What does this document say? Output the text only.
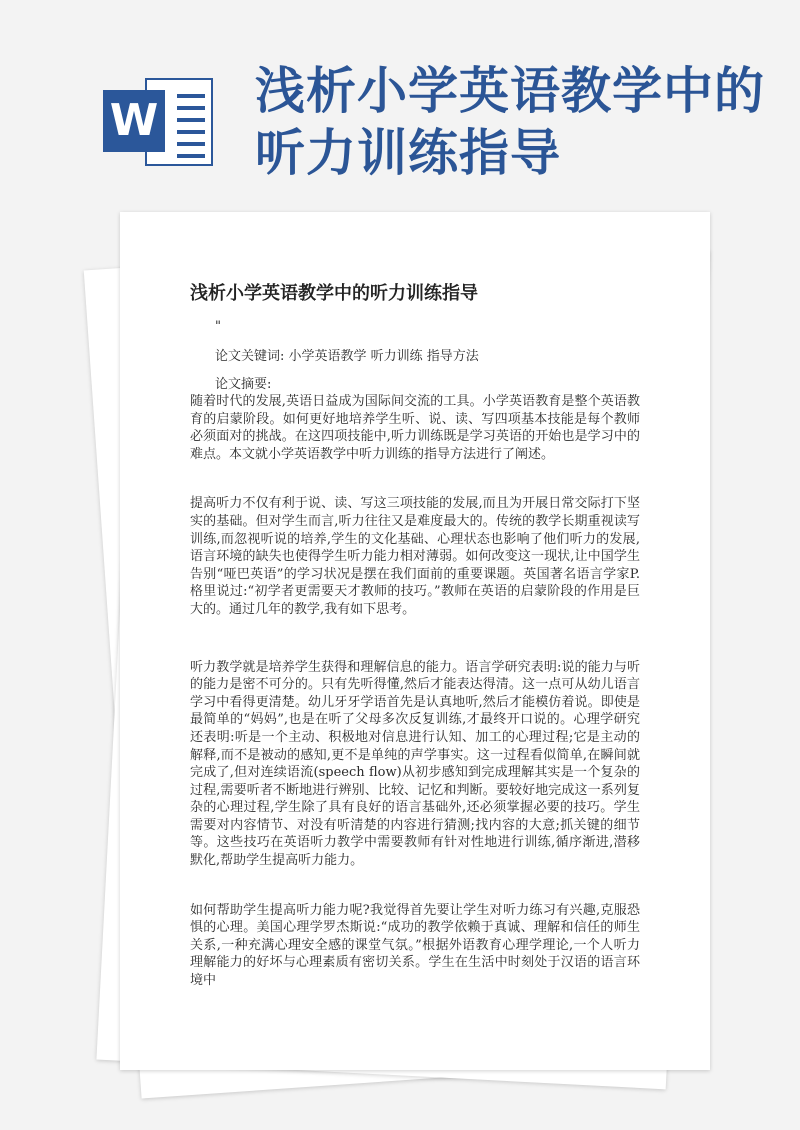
W
浅析小学英语教学中的
听力训练指导
浅析小学英语教学中的听力训练指导
"
论文关键词: 小学英语教学 听力训练 指导方法
论文摘要:

随着时代的发展,英语日益成为国际间交流的工具。小学英语教育是整个英语教育的启蒙阶段。如何更好地培养学生听、说、读、写四项基本技能是每个教师必须面对的挑战。在这四项技能中,听力训练既是学习英语的开始也是学习中的难点。本文就小学英语教学中听力训练的指导方法进行了阐述。

提高听力不仅有利于说、读、写这三项技能的发展,而且为开展日常交际打下坚实的基础。但对学生而言,听力往往又是难度最大的。传统的教学长期重视读写训练,而忽视听说的培养,学生的文化基础、心理状态也影响了他们听力的发展,语言环境的缺失也使得学生听力能力相对薄弱。如何改变这一现状,让中国学生告别“哑巴英语”的学习状况是摆在我们面前的重要课题。英国著名语言学家P.格里说过:“初学者更需要天才教师的技巧。”教师在英语的启蒙阶段的作用是巨大的。通过几年的教学,我有如下思考。

听力教学就是培养学生获得和理解信息的能力。语言学研究表明:说的能力与听的能力是密不可分的。只有先听得懂,然后才能表达得清。这一点可从幼儿语言学习中看得更清楚。幼儿牙牙学语首先是认真地听,然后才能模仿着说。即使是最简单的“妈妈”,也是在听了父母多次反复训练,才最终开口说的。心理学研究还表明:听是一个主动、积极地对信息进行认知、加工的心理过程;它是主动的解释,而不是被动的感知,更不是单纯的声学事实。这一过程看似简单,在瞬间就完成了,但对连续语流(speech flow)从初步感知到完成理解其实是一个复杂的过程,需要听者不断地进行辨别、比较、记忆和判断。要较好地完成这一系列复杂的心理过程,学生除了具有良好的语言基础外,还必须掌握必要的技巧。学生需要对内容情节、对没有听清楚的内容进行猜测;找内容的大意;抓关键的细节等。这些技巧在英语听力教学中需要教师有针对性地进行训练,循序渐进,潜移默化,帮助学生提高听力能力。

如何帮助学生提高听力能力呢?我觉得首先要让学生对听力练习有兴趣,克服恐惧的心理。美国心理学罗杰斯说:“成功的教学依赖于真诚、理解和信任的师生关系,一种充满心理安全感的课堂气氛。”根据外语教育心理学理论,一个人听力理解能力的好坏与心理素质有密切关系。学生在生活中时刻处于汉语的语言环境中
